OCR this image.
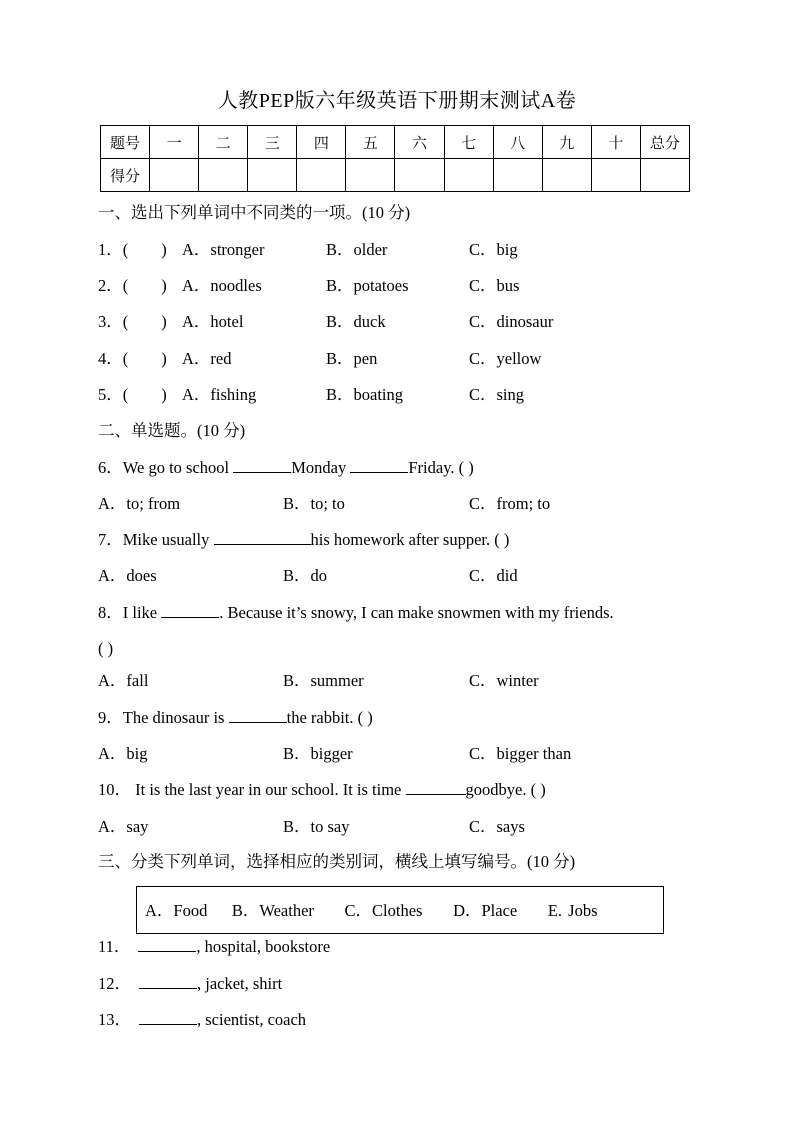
人教PEP版六年级英语下册期末测试A卷
题号	一	二	三	四	五	六	七	八	九	十	总分
得分											
一、选出下列单词中不同类的一项。(10 分)
1．(　　) A．stronger	B．older	C．big
2．(　　) A．noodles	B．potatoes	C．bus
3．(　　) A．hotel	B．duck	C．dinosaur
4．(　　) A．red	B．pen	C．yellow
5．(　　) A．fishing	B．boating	C．sing
二、单选题。(10 分)
6．We go to school	Monday	Friday. ( )
A．to; from	B．to; to	C．from; to
7．Mike usually	his homework after supper. ( )
A．does	B．do	C．did
8．I like	. Because it’s snowy, I can make snowmen with my friends.
( )
A．fall	B．summer	C．winter
9．The dinosaur is	the rabbit. ( )
A．big	B．bigger	C．bigger than
10． It is the last year in our school. It is time	goodbye. ( )
A．say	B．to say	C．says
三、分类下列单词，选择相应的类别词，横线上填写编号。(10 分)
A．Food    B．Weather     C．Clothes     D．Place     E. Jobs
11．	, hospital, bookstore
12．	, jacket, shirt
13．	, scientist, coach
